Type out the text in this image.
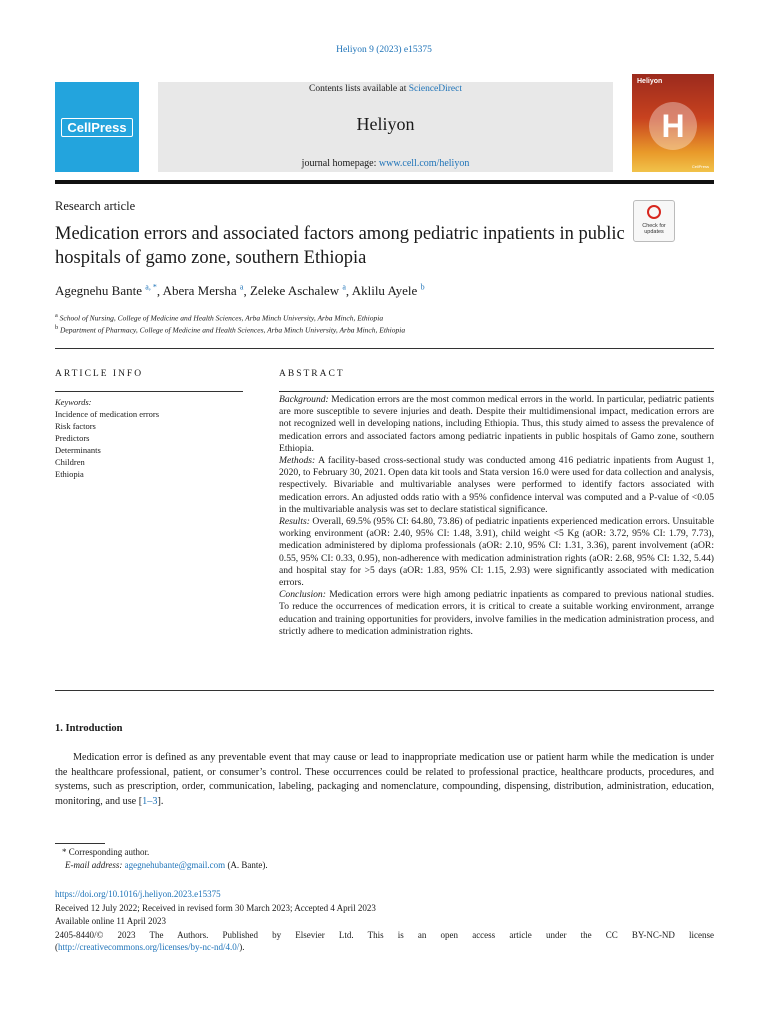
Heliyon 9 (2023) e15375
CellPress
Contents lists available at ScienceDirect
Heliyon
journal homepage: www.cell.com/heliyon
Heliyon
H
CellPress
Research article
Check for updates
Medication errors and associated factors among pediatric inpatients in public hospitals of gamo zone, southern Ethiopia
Agegnehu Bante $^{a, *}$, Abera Mersha $^a$, Zeleke Aschalew $^a$, Aklilu Ayele $^b$
$^a$ School of Nursing, College of Medicine and Health Sciences, Arba Minch University, Arba Minch, Ethiopia
$^b$ Department of Pharmacy, College of Medicine and Health Sciences, Arba Minch University, Arba Minch, Ethiopia
ARTICLE INFO
Keywords:
Incidence of medication errors
Risk factors
Predictors
Determinants
Children
Ethiopia
ABSTRACT

Background: Medication errors are the most common medical errors in the world. In particular, pediatric patients are more susceptible to severe injuries and death. Despite their multidimensional impact, medication errors are not recognized well in developing nations, including Ethiopia. Thus, this study aimed to assess the prevalence of medication errors and associated factors among pediatric inpatients in public hospitals of Gamo zone, southern Ethiopia.

Methods: A facility-based cross-sectional study was conducted among 416 pediatric inpatients from August 1, 2020, to February 30, 2021. Open data kit tools and Stata version 16.0 were used for data collection and analysis, respectively. Bivariable and multivariable analyses were performed to identify factors associated with medication errors. An adjusted odds ratio with a 95% confidence interval was computed and a P-value of <0.05 in the multivariable analysis was set to declare statistical significance.

Results: Overall, 69.5% (95% CI: 64.80, 73.86) of pediatric inpatients experienced medication errors. Unsuitable working environment (aOR: 2.40, 95% CI: 1.48, 3.91), child weight <5 Kg (aOR: 3.72, 95% CI: 1.79, 7.73), medication administered by diploma professionals (aOR: 2.10, 95% CI: 1.31, 3.36), parent involvement (aOR: 0.55, 95% CI: 0.33, 0.95), non-adherence with medication administration rights (aOR: 2.68, 95% CI: 1.32, 5.44) and hospital stay for >5 days (aOR: 1.83, 95% CI: 1.15, 2.93) were significantly associated with medication errors.

Conclusion: Medication errors were high among pediatric inpatients as compared to previous national studies. To reduce the occurrences of medication errors, it is critical to create a suitable working environment, arrange education and training opportunities for providers, involve families in the medication administration process, and strictly adhere to medication administration rights.

1. Introduction

Medication error is defined as any preventable event that may cause or lead to inappropriate medication use or patient harm while the medication is under the healthcare professional, patient, or consumer’s control. These occurrences could be related to professional practice, healthcare products, procedures, and systems, such as prescription, order, communication, labeling, packaging and nomenclature, compounding, dispensing, distribution, administration, education, monitoring, and use [1–3].

* Corresponding author.
E-mail address: agegnehubante@gmail.com (A. Bante).
https://doi.org/10.1016/j.heliyon.2023.e15375
Received 12 July 2022; Received in revised form 30 March 2023; Accepted 4 April 2023
Available online 11 April 2023
2405-8440/© 2023 The Authors. Published by Elsevier Ltd. This is an open access article under the CC BY-NC-ND license
(http://creativecommons.org/licenses/by-nc-nd/4.0/).
